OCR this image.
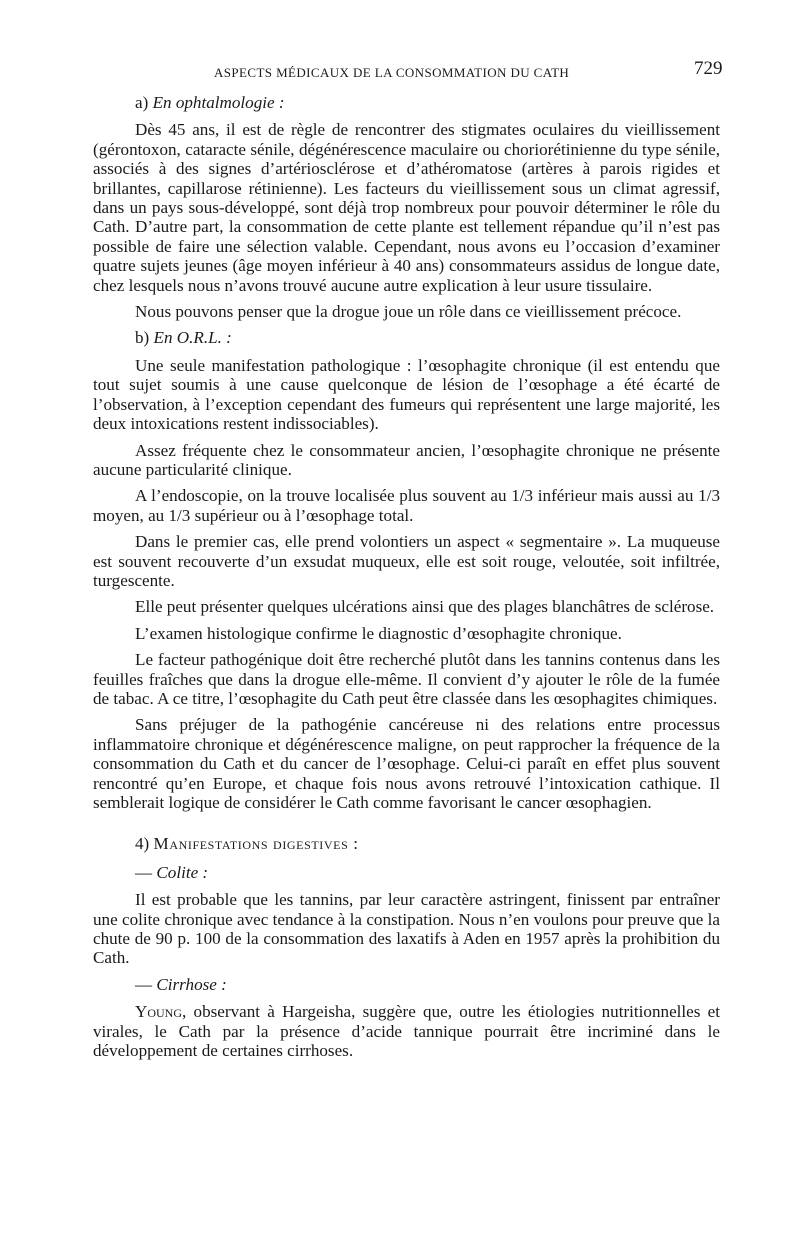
ASPECTS MÉDICAUX DE LA CONSOMMATION DU CATH	729

a) En ophtalmologie :

Dès 45 ans, il est de règle de rencontrer des stigmates oculaires du vieillissement (gérontoxon, cataracte sénile, dégénérescence maculaire ou choriorétinienne du type sénile, associés à des signes d’artériosclérose et d’athéromatose (artères à parois rigides et brillantes, capillarose rétinienne). Les facteurs du vieillissement sous un climat agressif, dans un pays sous-développé, sont déjà trop nombreux pour pouvoir déterminer le rôle du Cath. D’autre part, la consommation de cette plante est tellement répandue qu’il n’est pas possible de faire une sélection valable. Cependant, nous avons eu l’occasion d’examiner quatre sujets jeunes (âge moyen inférieur à 40 ans) consommateurs assidus de longue date, chez lesquels nous n’avons trouvé aucune autre explication à leur usure tissulaire.

Nous pouvons penser que la drogue joue un rôle dans ce vieillissement précoce.

b) En O.R.L. :

Une seule manifestation pathologique : l’œsophagite chronique (il est entendu que tout sujet soumis à une cause quelconque de lésion de l’œsophage a été écarté de l’observation, à l’exception cependant des fumeurs qui représentent une large majorité, les deux intoxications restent indissociables).

Assez fréquente chez le consommateur ancien, l’œsophagite chronique ne présente aucune particularité clinique.

A l’endoscopie, on la trouve localisée plus souvent au 1/3 inférieur mais aussi au 1/3 moyen, au 1/3 supérieur ou à l’œsophage total.

Dans le premier cas, elle prend volontiers un aspect « segmentaire ». La muqueuse est souvent recouverte d’un exsudat muqueux, elle est soit rouge, veloutée, soit infiltrée, turgescente.

Elle peut présenter quelques ulcérations ainsi que des plages blanchâtres de sclérose.

L’examen histologique confirme le diagnostic d’œsophagite chronique.

Le facteur pathogénique doit être recherché plutôt dans les tannins contenus dans les feuilles fraîches que dans la drogue elle-même. Il convient d’y ajouter le rôle de la fumée de tabac. A ce titre, l’œsophagite du Cath peut être classée dans les œsophagites chimiques.

Sans préjuger de la pathogénie cancéreuse ni des relations entre processus inflammatoire chronique et dégénérescence maligne, on peut rapprocher la fréquence de la consommation du Cath et du cancer de l’œsophage. Celui-ci paraît en effet plus souvent rencontré qu’en Europe, et chaque fois nous avons retrouvé l’intoxication cathique. Il semblerait logique de considérer le Cath comme favorisant le cancer œsophagien.

4) Manifestations digestives :

— Colite :

Il est probable que les tannins, par leur caractère astringent, finissent par entraîner une colite chronique avec tendance à la constipation. Nous n’en voulons pour preuve que la chute de 90 p. 100 de la consommation des laxatifs à Aden en 1957 après la prohibition du Cath.

— Cirrhose :

Young, observant à Hargeisha, suggère que, outre les étiologies nutritionnelles et virales, le Cath par la présence d’acide tannique pourrait être incriminé dans le développement de certaines cirrhoses.
